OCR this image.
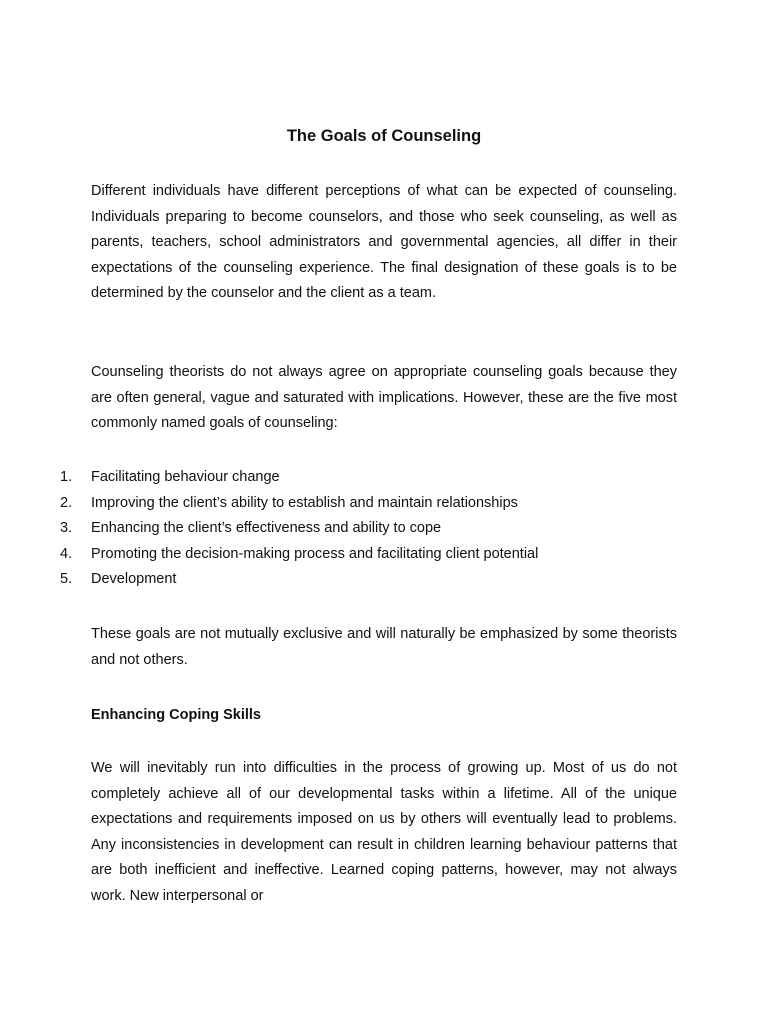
The Goals of Counseling
Different individuals have different perceptions of what can be expected of counseling. Individuals preparing to become counselors, and those who seek counseling, as well as parents, teachers, school administrators and governmental agencies, all differ in their expectations of the counseling experience. The final designation of these goals is to be determined by the counselor and the client as a team.
Counseling theorists do not always agree on appropriate counseling goals because they are often general, vague and saturated with implications. However, these are the five most commonly named goals of counseling:
1. Facilitating behaviour change
2. Improving the client’s ability to establish and maintain relationships
3. Enhancing the client’s effectiveness and ability to cope
4. Promoting the decision-making process and facilitating client potential
5. Development
These goals are not mutually exclusive and will naturally be emphasized by some theorists and not others.
Enhancing Coping Skills
We will inevitably run into difficulties in the process of growing up. Most of us do not completely achieve all of our developmental tasks within a lifetime. All of the unique expectations and requirements imposed on us by others will eventually lead to problems. Any inconsistencies in development can result in children learning behaviour patterns that are both inefficient and ineffective. Learned coping patterns, however, may not always work. New interpersonal or
